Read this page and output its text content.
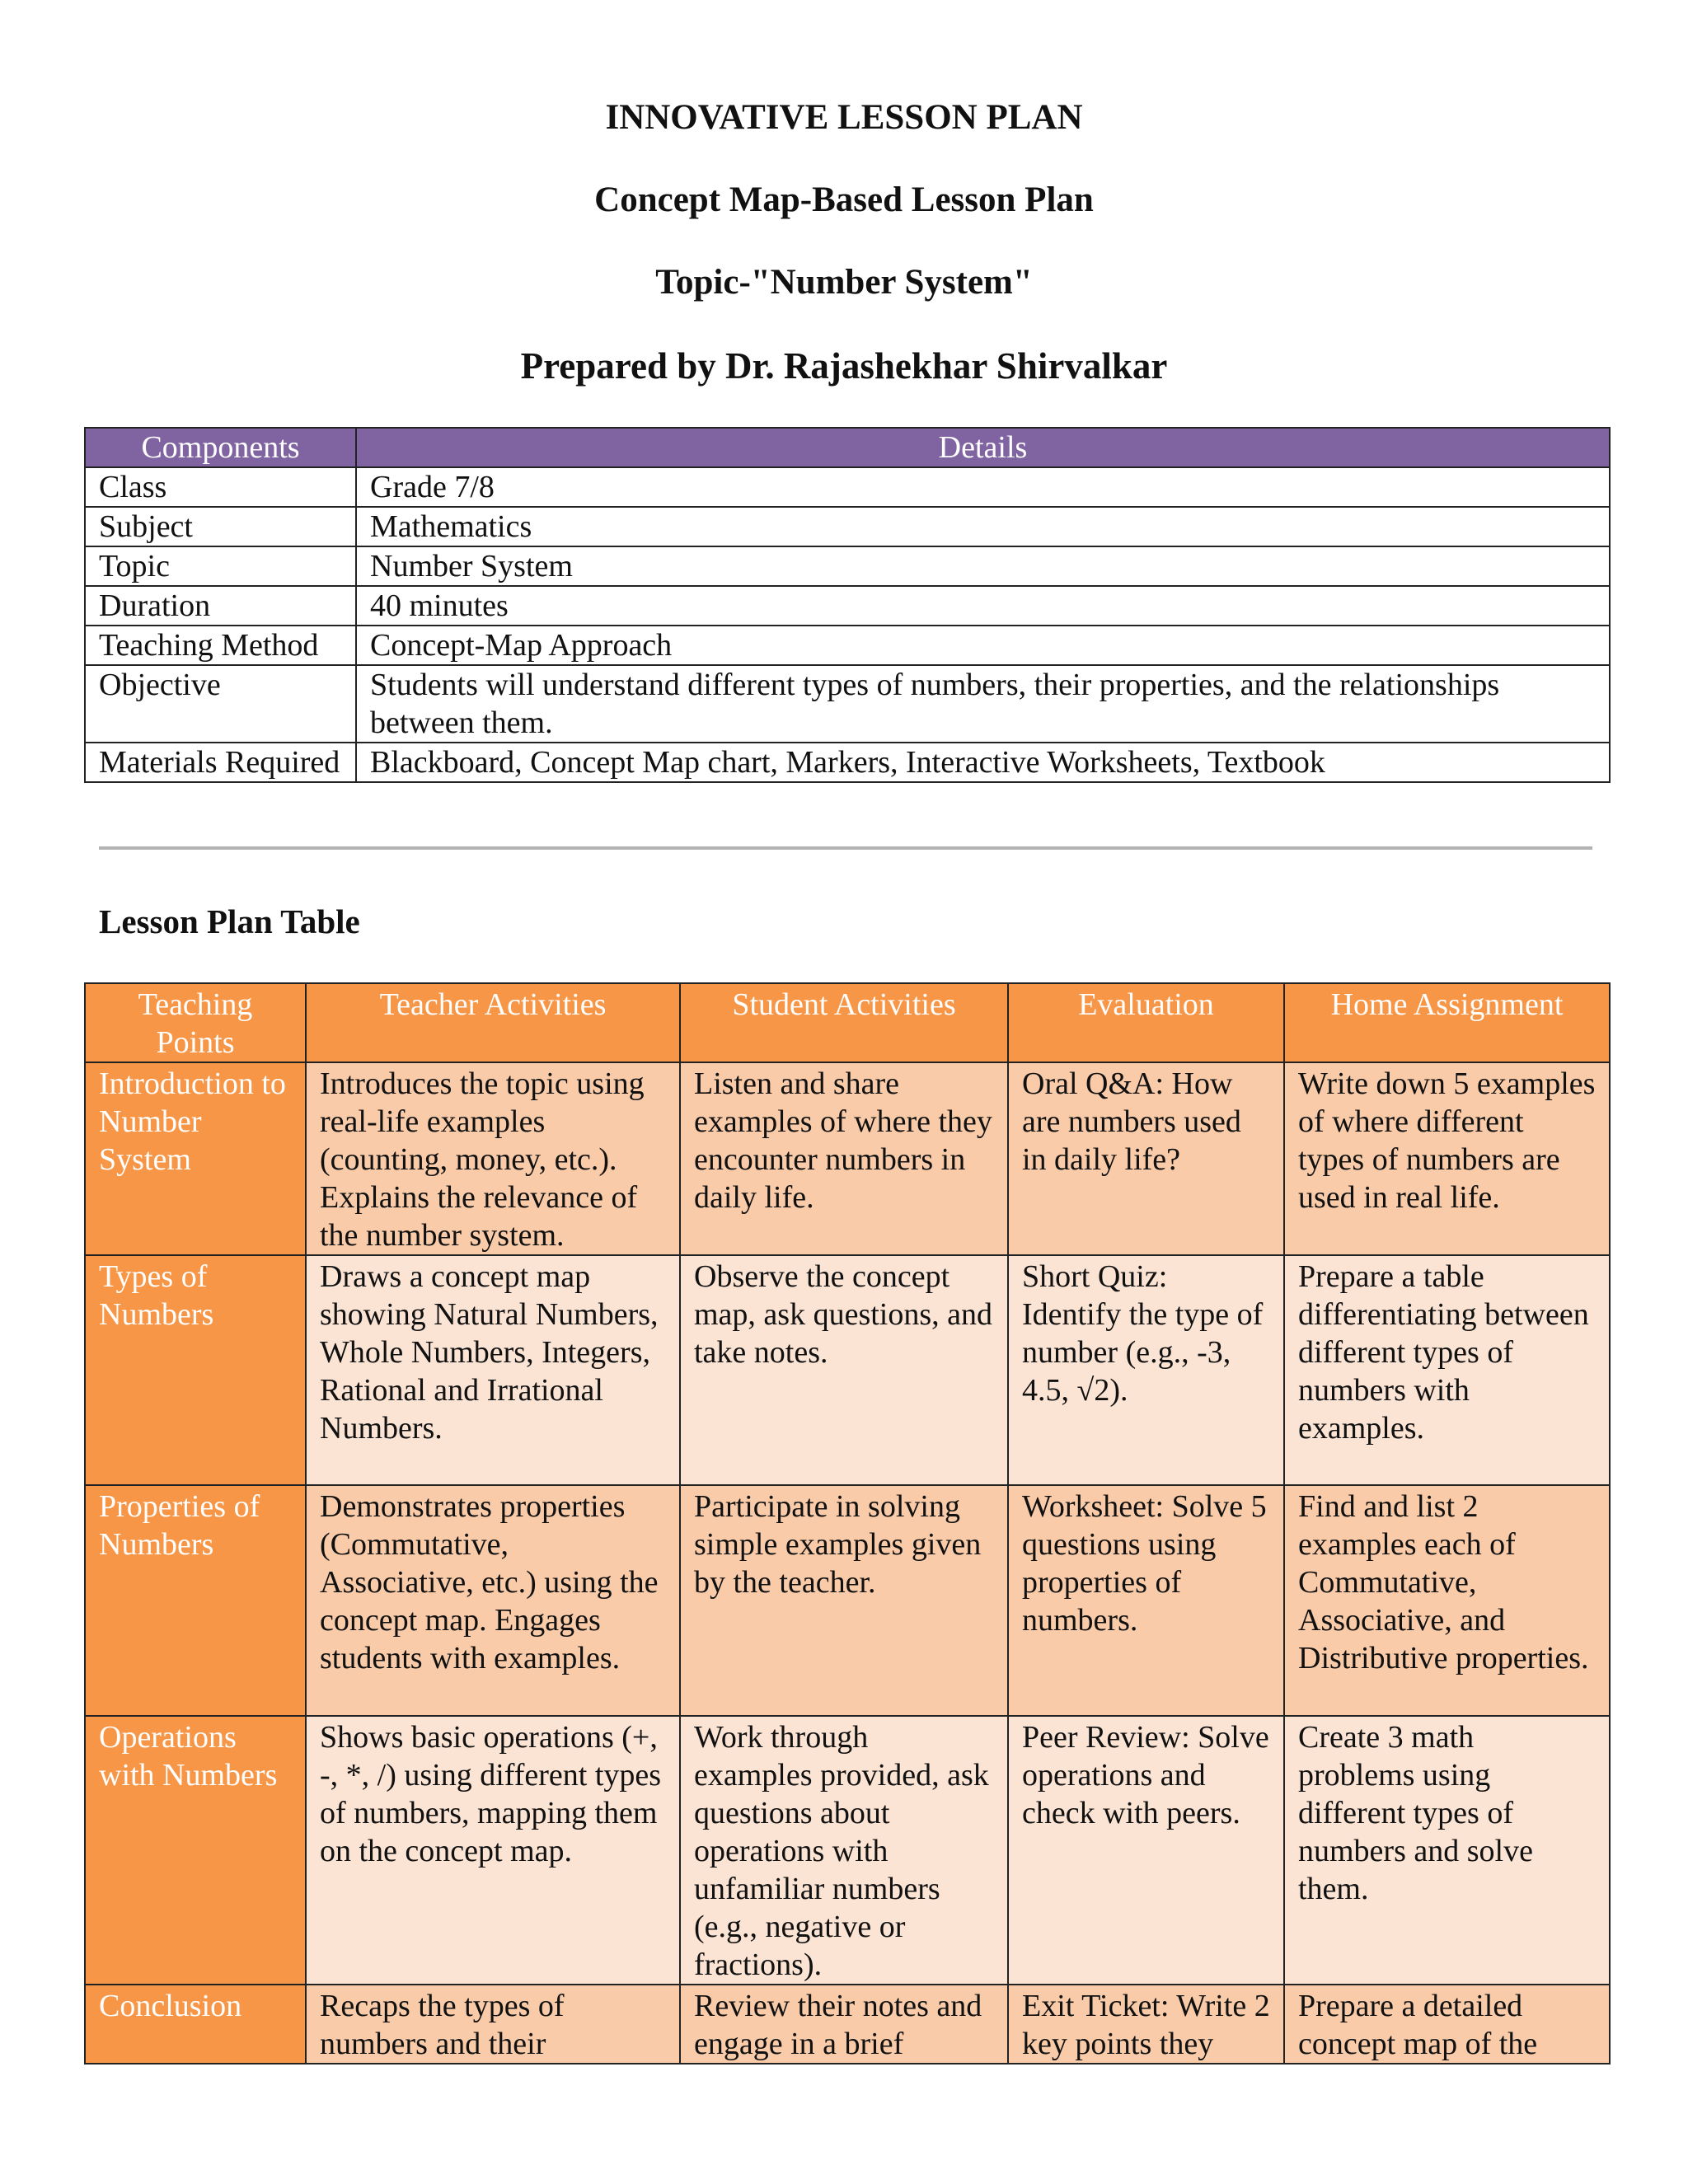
INNOVATIVE LESSON PLAN
Concept Map-Based Lesson Plan
Topic-"Number System"
Prepared by Dr. Rajashekhar Shirvalkar
Components	Details
Class	Grade 7/8
Subject	Mathematics
Topic	Number System
Duration	40 minutes
Teaching Method	Concept-Map Approach
Objective	Students will understand different types of numbers, their properties, and the relationships between them.
Materials Required	Blackboard, Concept Map chart, Markers, Interactive Worksheets, Textbook
Lesson Plan Table
Teaching Points	Teacher Activities	Student Activities	Evaluation	Home Assignment
Introduction to Number System	Introduces the topic using real-life examples (counting, money, etc.). Explains the relevance of the number system.	Listen and share examples of where they encounter numbers in daily life.	Oral Q&A: How are numbers used in daily life?	Write down 5 examples of where different types of numbers are used in real life.
Types of Numbers	Draws a concept map showing Natural Numbers, Whole Numbers, Integers, Rational and Irrational Numbers.	Observe the concept map, ask questions, and take notes.	Short Quiz: Identify the type of number (e.g., -3, 4.5, √2).	Prepare a table differentiating between different types of numbers with examples.
Properties of Numbers	Demonstrates properties (Commutative, Associative, etc.) using the concept map. Engages students with examples.	Participate in solving simple examples given by the teacher.	Worksheet: Solve 5 questions using properties of numbers.	Find and list 2 examples each of Commutative, Associative, and Distributive properties.
Operations with Numbers	Shows basic operations (+, -, *, /) using different types of numbers, mapping them on the concept map.	Work through examples provided, ask questions about operations with unfamiliar numbers (e.g., negative or fractions).	Peer Review: Solve operations and check with peers.	Create 3 math problems using different types of numbers and solve them.
Conclusion	Recaps the types of numbers and their	Review their notes and engage in a brief	Exit Ticket: Write 2 key points they	Prepare a detailed concept map of the
